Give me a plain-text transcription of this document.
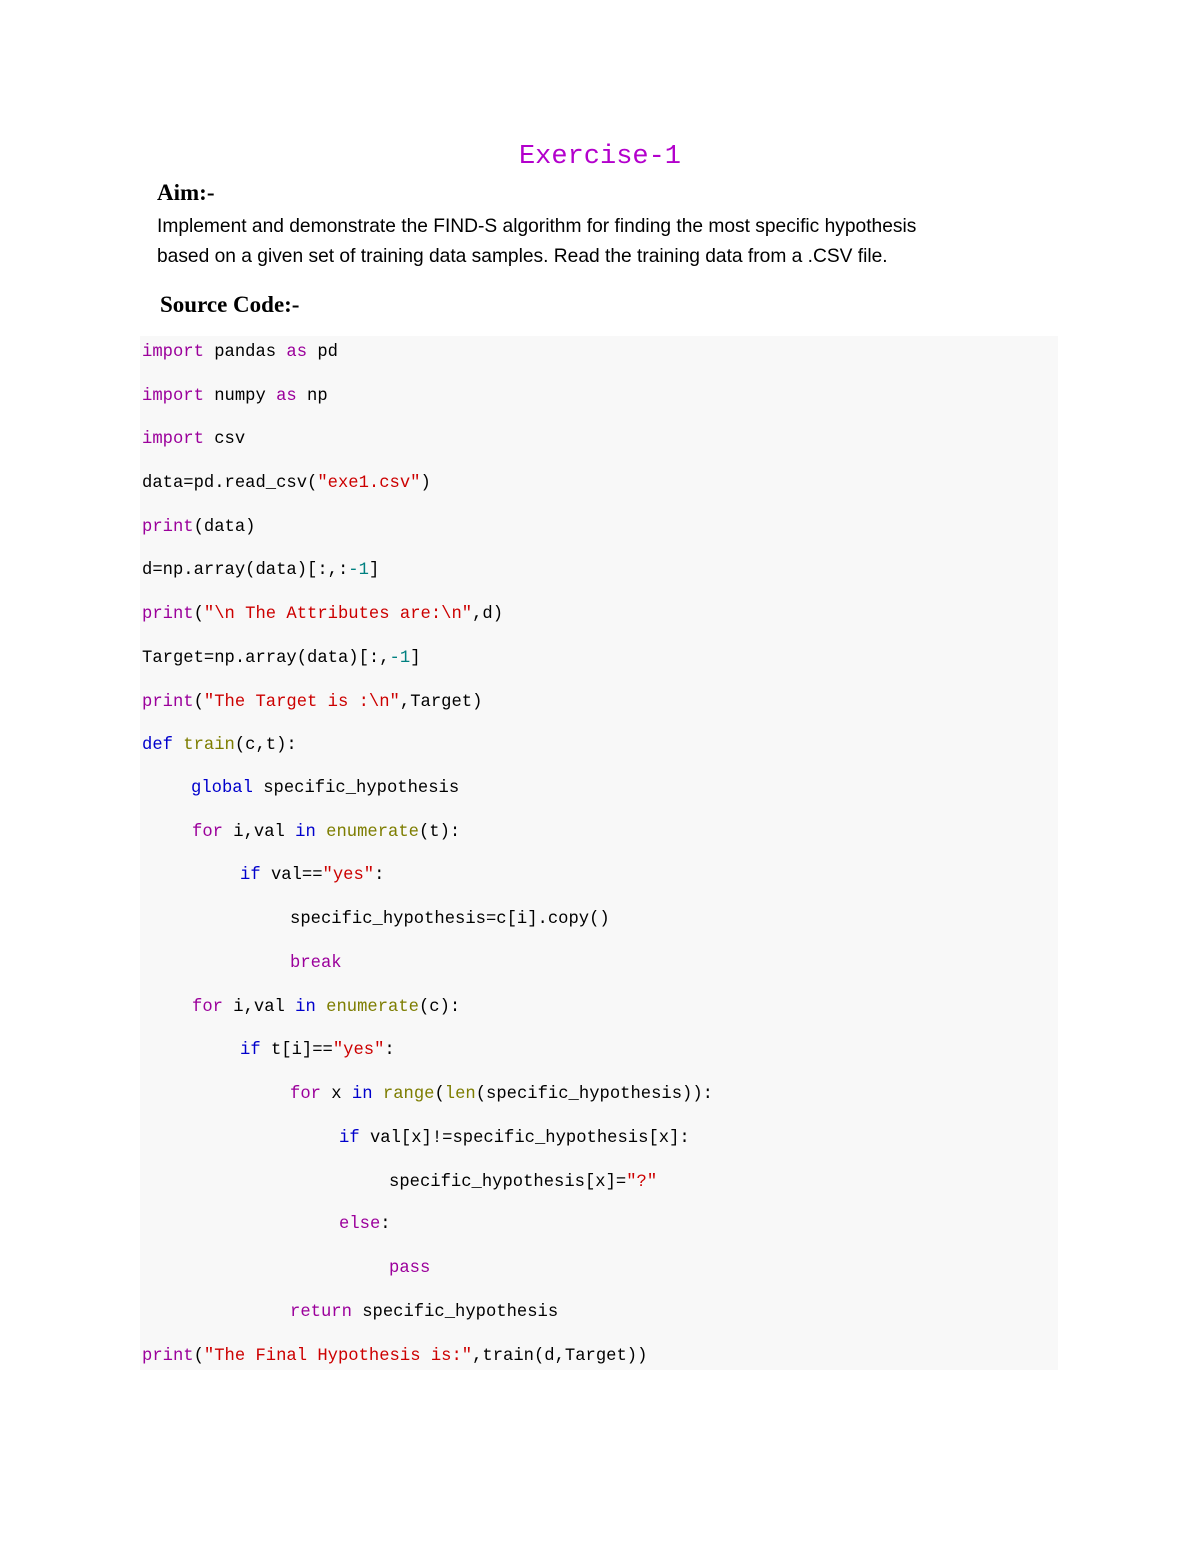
Exercise-1
Aim:-
Implement and demonstrate the FIND-S algorithm for finding the most specific hypothesis
based on a given set of training data samples. Read the training data from a .CSV file.
Source Code:-
import pandas as pd
import numpy as np
import csv
data=pd.read_csv("exe1.csv")
print(data)
d=np.array(data)[:,:-1]
print("\n The Attributes are:\n",d)
Target=np.array(data)[:,-1]
print("The Target is :\n",Target)
def train(c,t):
global specific_hypothesis
for i,val in enumerate(t):
if val=="yes":
specific_hypothesis=c[i].copy()
break
for i,val in enumerate(c):
if t[i]=="yes":
for x in range(len(specific_hypothesis)):
if val[x]!=specific_hypothesis[x]:
specific_hypothesis[x]="?"
else:
pass
return specific_hypothesis
print("The Final Hypothesis is:",train(d,Target))
